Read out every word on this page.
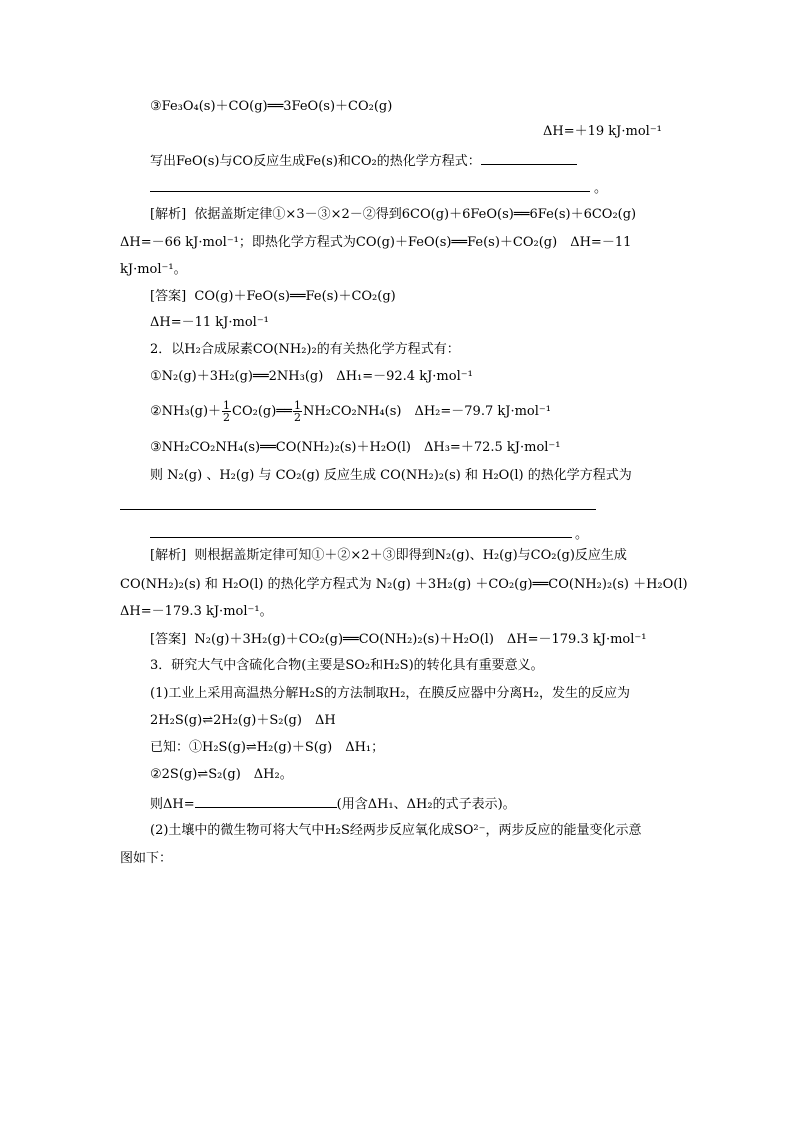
③Fe₃O₄(s)＋CO(g)══3FeO(s)＋CO₂(g)
ΔH=＋19 kJ·mol⁻¹
写出FeO(s)与CO反应生成Fe(s)和CO₂的热化学方程式：
。
[解析] 依据盖斯定律①×3－③×2－②得到6CO(g)＋6FeO(s)══6Fe(s)＋6CO₂(g)
ΔH=－66 kJ·mol⁻¹；即热化学方程式为CO(g)＋FeO(s)══Fe(s)＋CO₂(g)　ΔH=－11
kJ·mol⁻¹。
[答案] CO(g)＋FeO(s)══Fe(s)＋CO₂(g)
ΔH=－11 kJ·mol⁻¹
2．以H₂合成尿素CO(NH₂)₂的有关热化学方程式有：
①N₂(g)＋3H₂(g)══2NH₃(g)　ΔH₁=－92.4 kJ·mol⁻¹
②NH₃(g)＋ $\frac{1}{2}$ CO₂(g)══ $\frac{1}{2} NH_2CO_2NH_4(s)$　ΔH₂=－79.7 kJ·mol⁻¹
③NH₂CO₂NH₄(s)══CO(NH₂)₂(s)＋H₂O(l)　ΔH₃=＋72.5 kJ·mol⁻¹
则 N₂(g) 、H₂(g) 与 CO₂(g) 反应生成 CO(NH₂)₂(s) 和 H₂O(l) 的热化学方程式为
。
[解析] 则根据盖斯定律可知①＋②×2＋③即得到N₂(g)、H₂(g)与CO₂(g)反应生成
CO(NH₂)₂(s) 和 H₂O(l) 的热化学方程式为 N₂(g) ＋3H₂(g) ＋CO₂(g)══CO(NH₂)₂(s) ＋H₂O(l)
ΔH=－179.3 kJ·mol⁻¹。
[答案] N₂(g)＋3H₂(g)＋CO₂(g)══CO(NH₂)₂(s)＋H₂O(l)　ΔH=－179.3 kJ·mol⁻¹
3．研究大气中含硫化合物(主要是SO₂和H₂S)的转化具有重要意义。
(1)工业上采用高温热分解H₂S的方法制取H₂，在膜反应器中分离H₂，发生的反应为
2H₂S(g)⇌2H₂(g)＋S₂(g)　ΔH
已知：①H₂S(g)⇌H₂(g)＋S(g)　ΔH₁；
②2S(g)⇌S₂(g)　ΔH₂。
则ΔH=	(用含ΔH₁、ΔH₂的式子表示)。
(2)土壤中的微生物可将大气中H₂S经两步反应氧化成SO²⁻，两步反应的能量变化示意
图如下：
